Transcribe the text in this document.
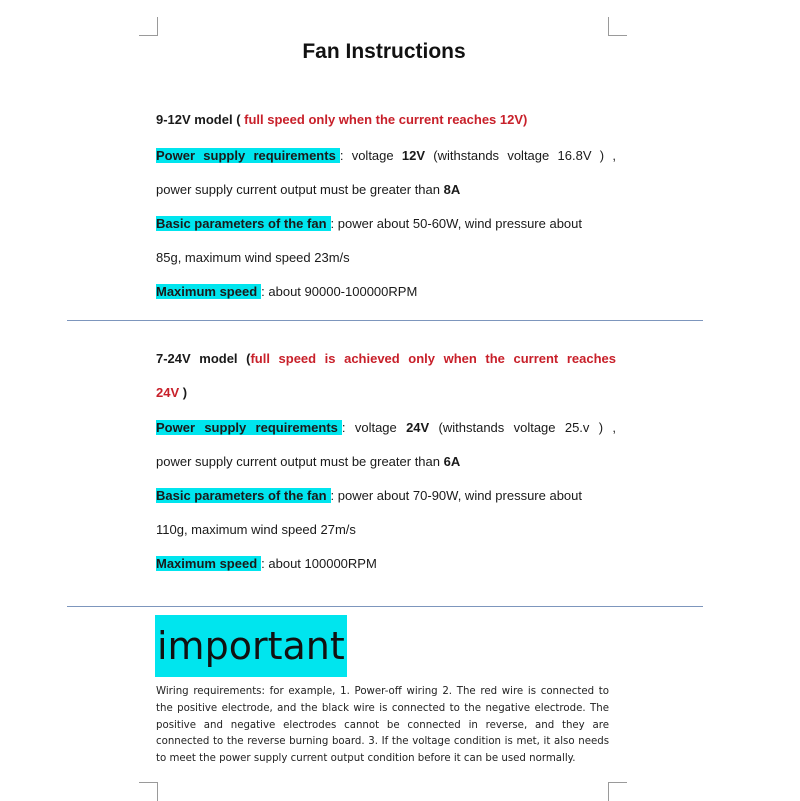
Fan Instructions
9-12V model ( full speed only when the current reaches 12V)
Power supply requirements : voltage 12V (withstands voltage 16.8V ) ,
power supply current output must be greater than 8A
Basic parameters of the fan : power about 50-60W, wind pressure about
85g, maximum wind speed 23m/s
Maximum speed : about 90000-100000RPM
7-24V model (full speed is achieved only when the current reaches
24V )
Power supply requirements : voltage 24V (withstands voltage 25.v ) ,
power supply current output must be greater than 6A
Basic parameters of the fan : power about 70-90W, wind pressure about
110g, maximum wind speed 27m/s
Maximum speed : about 100000RPM
important
Wiring requirements: for example, 1. Power-off wiring 2. The red wire is connected to the positive electrode, and the black wire is connected to the negative electrode. The positive and negative electrodes cannot be connected in reverse, and they are connected to the reverse burning board. 3. If the voltage condition is met, it also needs to meet the power supply current output condition before it can be used normally.
